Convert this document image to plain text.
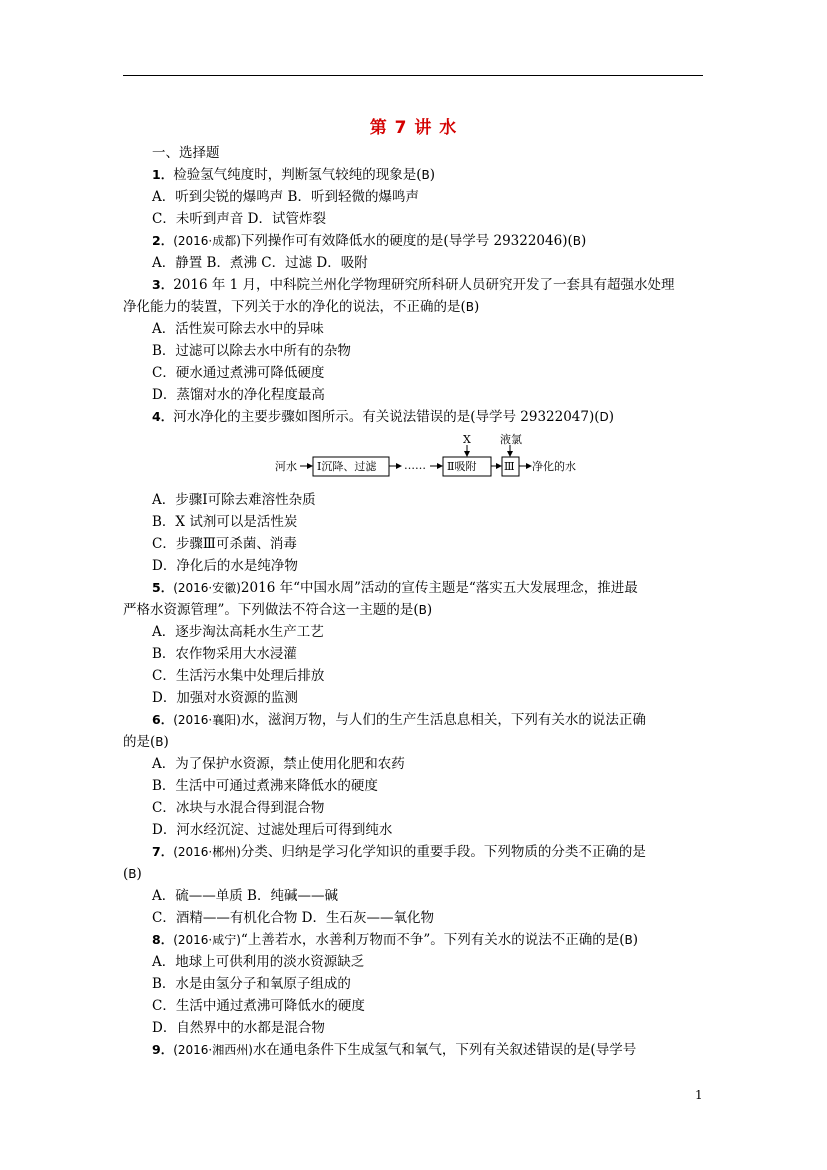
第 7 讲 水
一、选择题
1．检验氢气纯度时，判断氢气较纯的现象是(B)
A．听到尖锐的爆鸣声 B．听到轻微的爆鸣声
C．未听到声音 D．试管炸裂
2．(2016·成都)下列操作可有效降低水的硬度的是(导学号 29322046)(B)
A．静置 B．煮沸 C．过滤 D．吸附
3．2016 年 1 月，中科院兰州化学物理研究所科研人员研究开发了一套具有超强水处理
净化能力的装置，下列关于水的净化的说法，不正确的是(B)
A．活性炭可除去水中的异味
B．过滤可以除去水中所有的杂物
C．硬水通过煮沸可降低硬度
D．蒸馏对水的净化程度最高
4．河水净化的主要步骤如图所示。有关说法错误的是(导学号 29322047)(D)
河水 Ⅰ沉降、过滤	…… Ⅱ吸附	Ⅲ 净化的水
X	液氯
A．步骤Ⅰ可除去难溶性杂质
B．X 试剂可以是活性炭
C．步骤Ⅲ可杀菌、消毒
D．净化后的水是纯净物
5．(2016·安徽)2016 年“中国水周”活动的宣传主题是“落实五大发展理念，推进最
严格水资源管理”。下列做法不符合这一主题的是(B)
A．逐步淘汰高耗水生产工艺
B．农作物采用大水浸灌
C．生活污水集中处理后排放
D．加强对水资源的监测
6．(2016·襄阳)水，滋润万物，与人们的生产生活息息相关，下列有关水的说法正确
的是(B)
A．为了保护水资源，禁止使用化肥和农药
B．生活中可通过煮沸来降低水的硬度
C．冰块与水混合得到混合物
D．河水经沉淀、过滤处理后可得到纯水
7．(2016·郴州)分类、归纳是学习化学知识的重要手段。下列物质的分类不正确的是
(B)
A．硫——单质 B．纯碱——碱
C．酒精——有机化合物 D．生石灰——氧化物
8．(2016·咸宁)“上善若水，水善利万物而不争”。下列有关水的说法不正确的是(B)
A．地球上可供利用的淡水资源缺乏
B．水是由氢分子和氧原子组成的
C．生活中通过煮沸可降低水的硬度
D．自然界中的水都是混合物
9．(2016·湘西州)水在通电条件下生成氢气和氧气，下列有关叙述错误的是(导学号
1
